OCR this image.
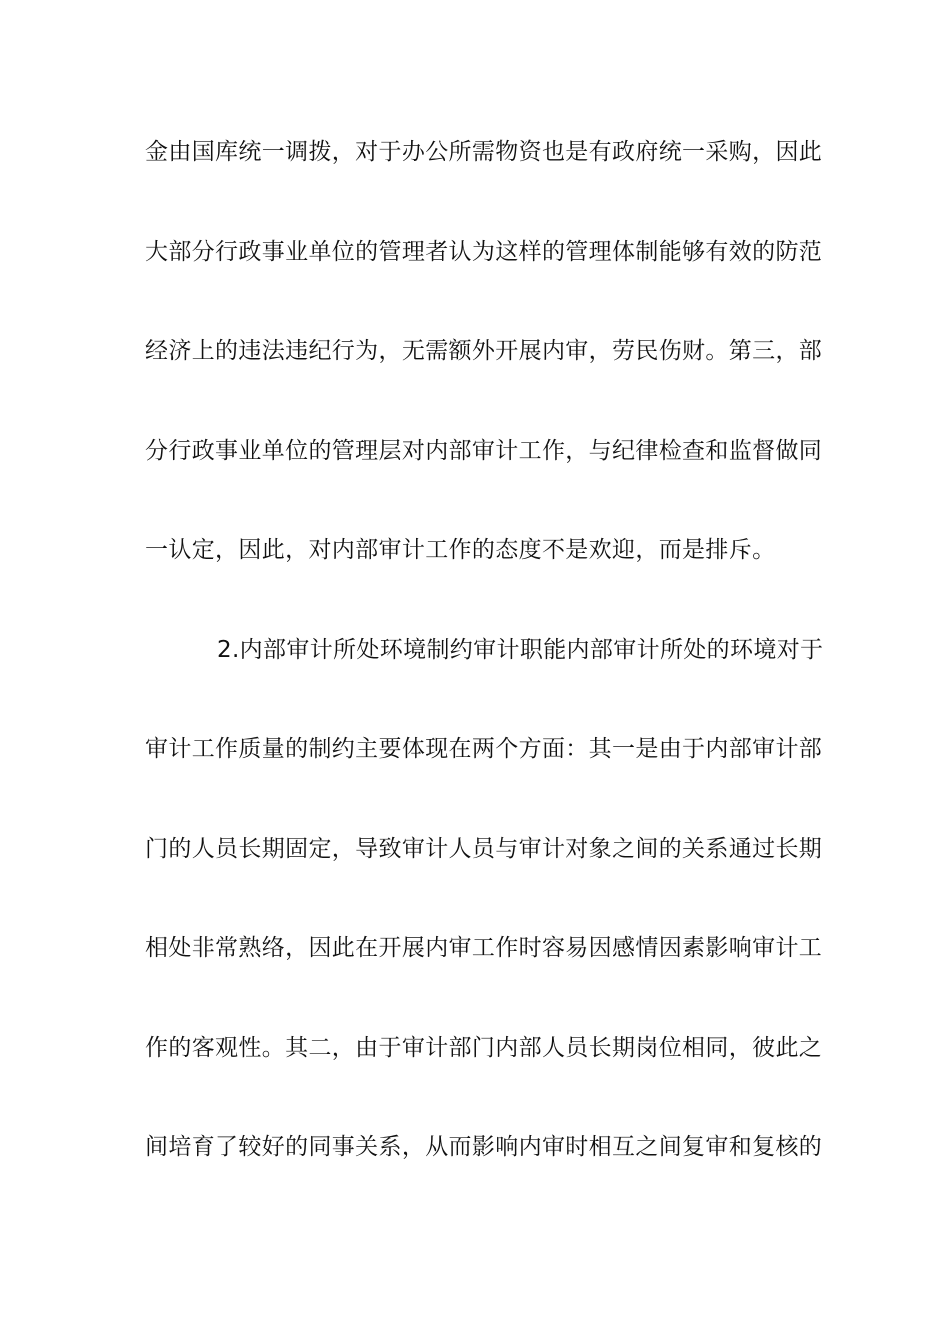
金由国库统一调拨，对于办公所需物资也是有政府统一采购，因此
大部分行政事业单位的管理者认为这样的管理体制能够有效的防范
经济上的违法违纪行为，无需额外开展内审，劳民伤财。第三，部
分行政事业单位的管理层对内部审计工作，与纪律检查和监督做同
一认定，因此，对内部审计工作的态度不是欢迎，而是排斥。
2.内部审计所处环境制约审计职能内部审计所处的环境对于
审计工作质量的制约主要体现在两个方面：其一是由于内部审计部
门的人员长期固定，导致审计人员与审计对象之间的关系通过长期
相处非常熟络，因此在开展内审工作时容易因感情因素影响审计工
作的客观性。其二，由于审计部门内部人员长期岗位相同，彼此之
间培育了较好的同事关系，从而影响内审时相互之间复审和复核的
